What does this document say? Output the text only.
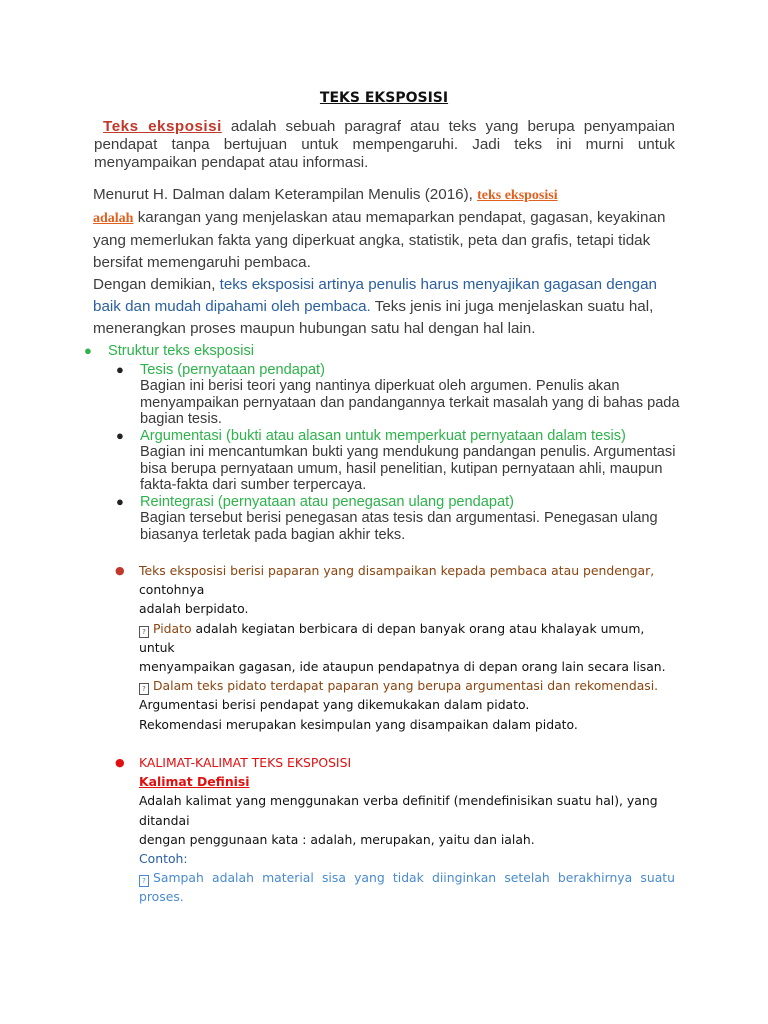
TEKS EKSPOSISI
Teks eksposisi adalah sebuah paragraf atau teks yang berupa penyampaian pendapat tanpa bertujuan untuk mempengaruhi. Jadi teks ini murni untuk menyampaikan pendapat atau informasi.
Menurut H. Dalman dalam Keterampilan Menulis (2016), teks eksposisi
adalah karangan yang menjelaskan atau memaparkan pendapat, gagasan, keyakinan yang memerlukan fakta yang diperkuat angka, statistik, peta dan grafis, tetapi tidak bersifat memengaruhi pembaca.
Dengan demikian, teks eksposisi artinya penulis harus menyajikan gagasan dengan baik dan mudah dipahami oleh pembaca. Teks jenis ini juga menjelaskan suatu hal, menerangkan proses maupun hubungan satu hal dengan hal lain.
● Struktur teks eksposisi
● Tesis (pernyataan pendapat)
Bagian ini berisi teori yang nantinya diperkuat oleh argumen. Penulis akan menyampaikan pernyataan dan pandangannya terkait masalah yang di bahas pada bagian tesis.
● Argumentasi (bukti atau alasan untuk memperkuat pernyataan dalam tesis)
Bagian ini mencantumkan bukti yang mendukung pandangan penulis. Argumentasi bisa berupa pernyataan umum, hasil penelitian, kutipan pernyataan ahli, maupun fakta-fakta dari sumber terpercaya.
● Reintegrasi (pernyataan atau penegasan ulang pendapat)
Bagian tersebut berisi penegasan atas tesis dan argumentasi. Penegasan ulang biasanya terletak pada bagian akhir teks.
● Teks eksposisi berisi paparan yang disampaikan kepada pembaca atau pendengar,
contohnya
adalah berpidato.
? Pidato adalah kegiatan berbicara di depan banyak orang atau khalayak umum,
untuk
menyampaikan gagasan, ide ataupun pendapatnya di depan orang lain secara lisan.
? Dalam teks pidato terdapat paparan yang berupa argumentasi dan rekomendasi.
Argumentasi berisi pendapat yang dikemukakan dalam pidato.
Rekomendasi merupakan kesimpulan yang disampaikan dalam pidato.
● KALIMAT-KALIMAT TEKS EKSPOSISI
Kalimat Definisi
Adalah kalimat yang menggunakan verba definitif (mendefinisikan suatu hal), yang
ditandai
dengan penggunaan kata : adalah, merupakan, yaitu dan ialah.
Contoh:
? Sampah adalah material sisa yang tidak diinginkan setelah berakhirnya suatu proses.
